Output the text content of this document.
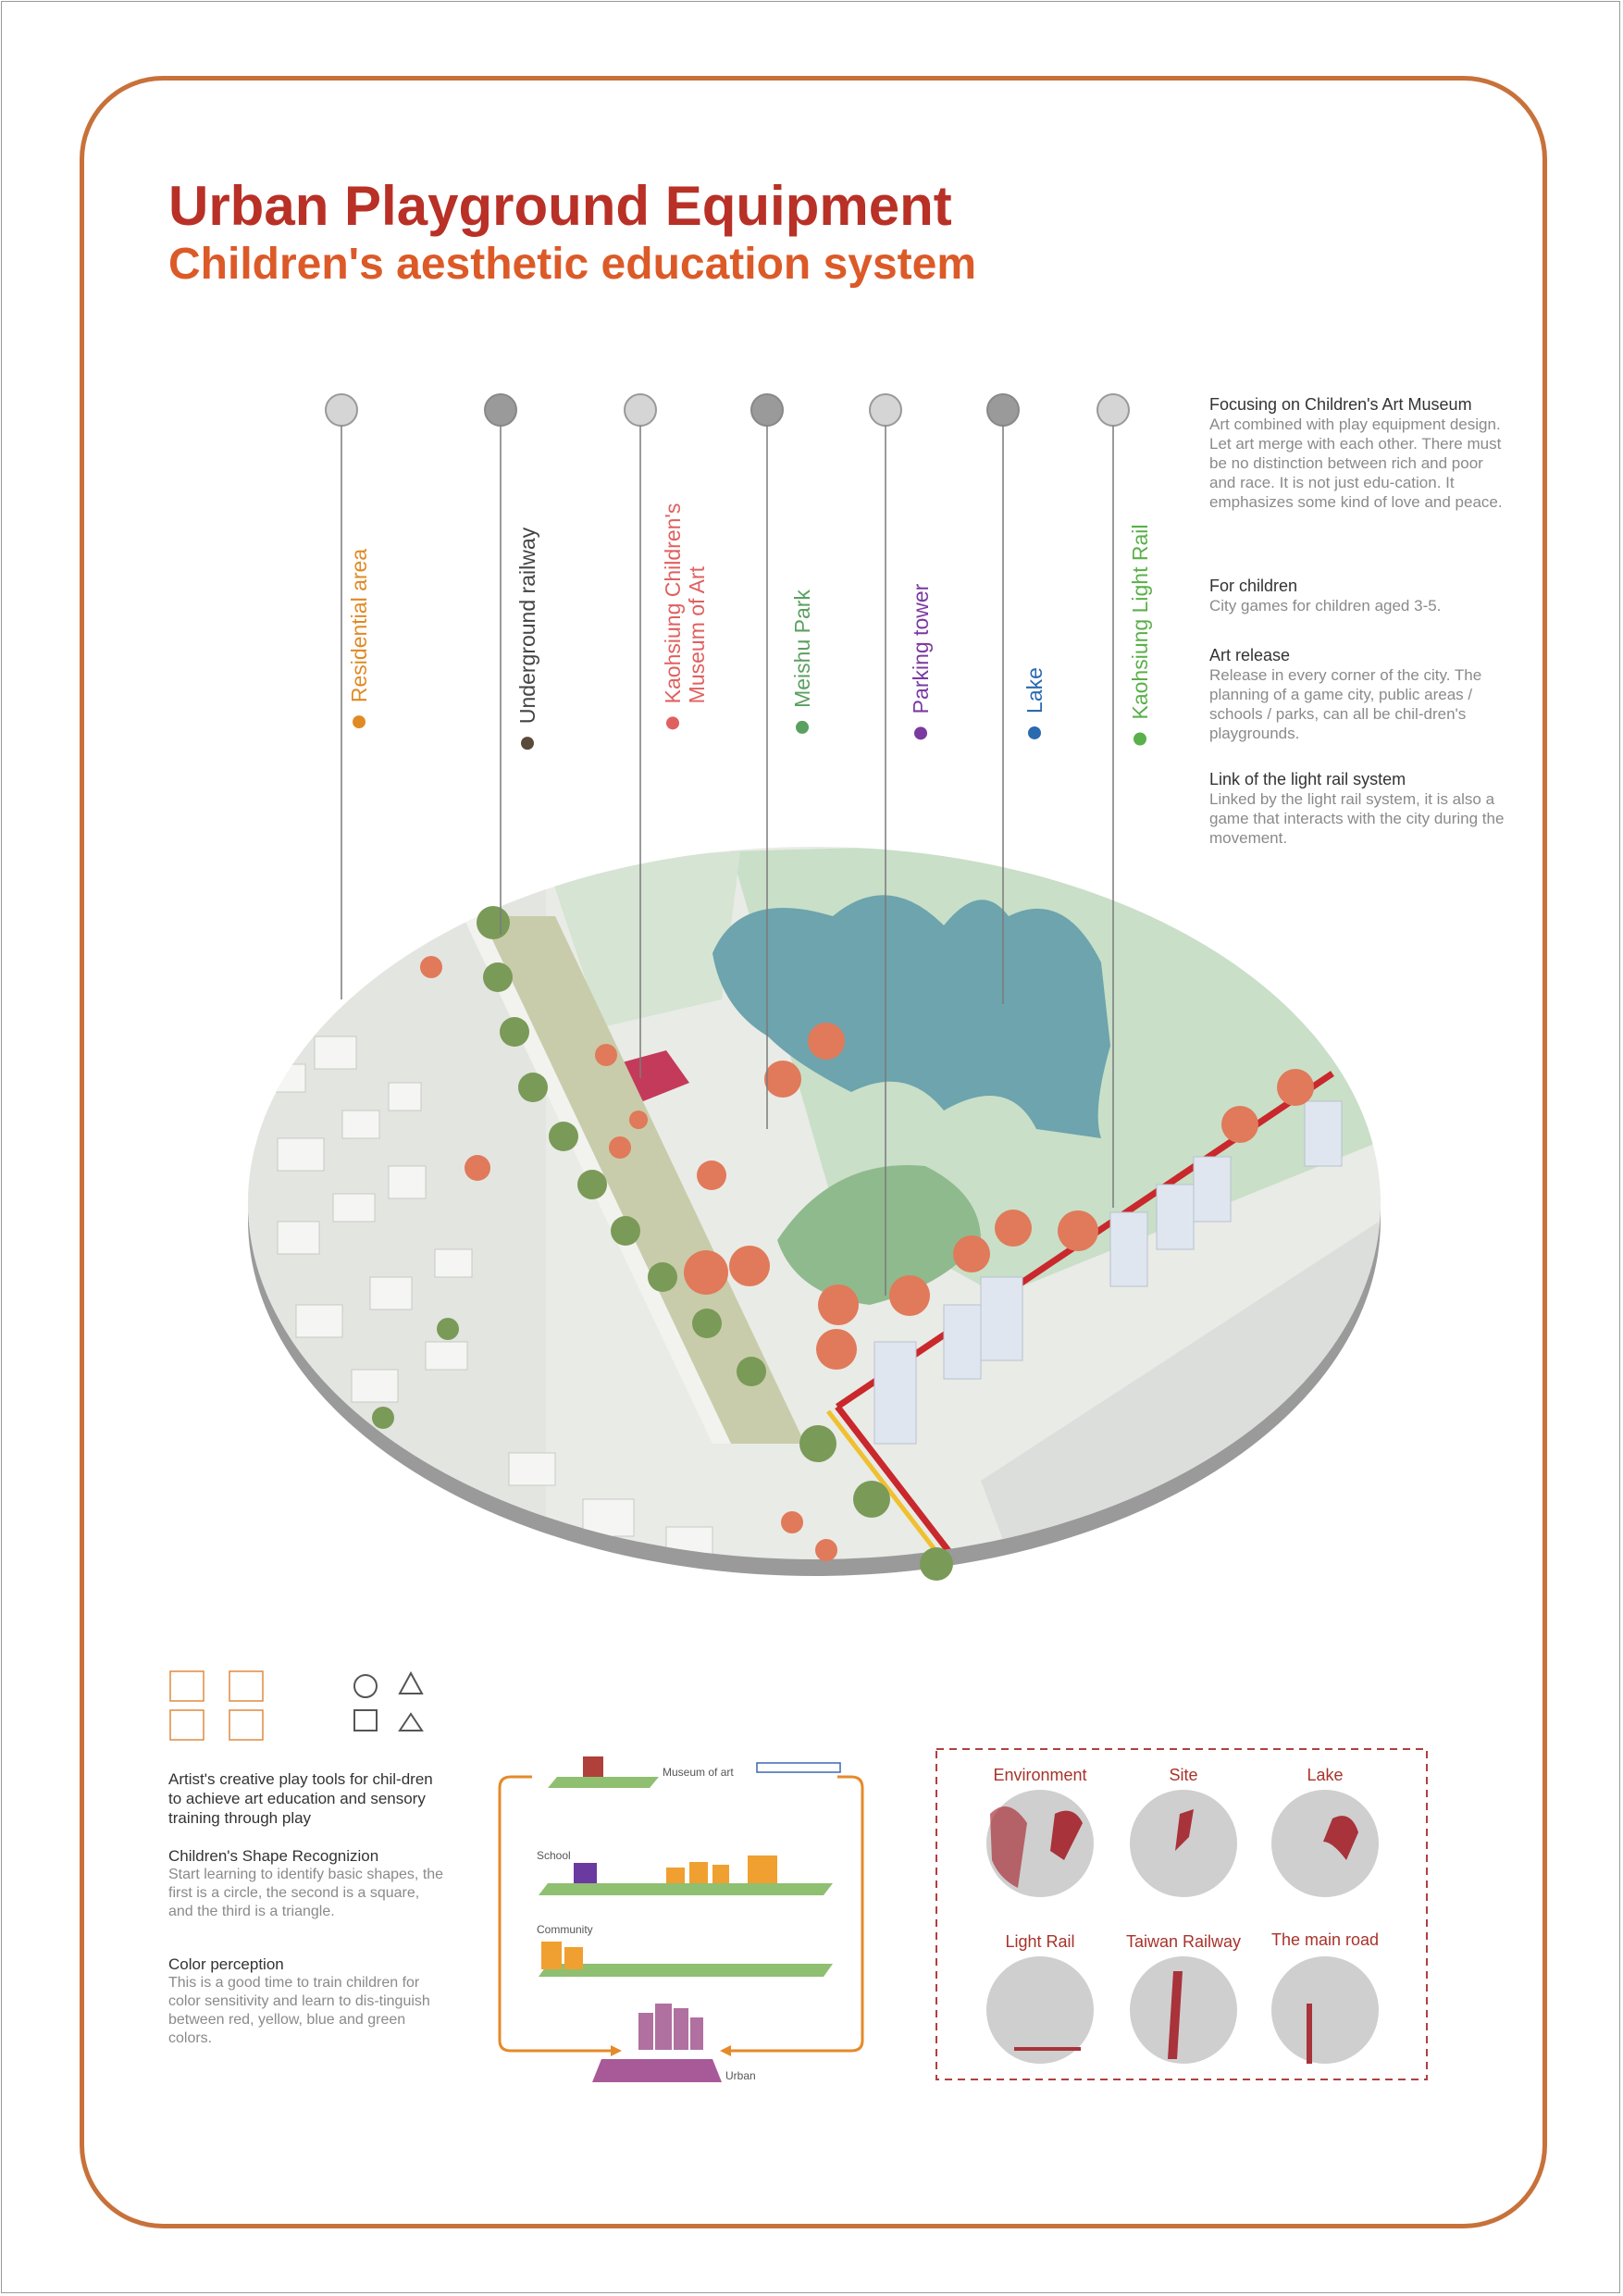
Urban Playground Equipment
Children's aesthetic education system
Residential area	Underground railway	Kaohsiung Children's
Museum of Art	Meishu Park	Parking tower	Lake	Kaohsiung Light Rail
Focusing on Children's Art Museum

Art combined with play equipment design.
Let art merge with each other. There must be no distinction between rich and poor and race. It is not just edu-cation. It emphasizes some kind of love and peace.

For children

City games for children aged 3-5.

Art release

Release in every corner of the city. The planning of a game city, public areas / schools / parks, can all be chil-dren's playgrounds.

Link of the light rail system

Linked by the light rail system, it is also a game that interacts with the city during the movement.

Artist's creative play tools for chil-dren to achieve art education and sensory training through play
Children's Shape Recognizion
Start learning to identify basic shapes, the first is a circle, the second is a square, and the third is a triangle.
Color perception
This is a good time to train children for color sensitivity and learn to dis-tinguish between red, yellow, blue and green colors.
Museum of art
School
Community
Urban
Environment	Site	Lake
Light Rail	Taiwan Railway	The main road
